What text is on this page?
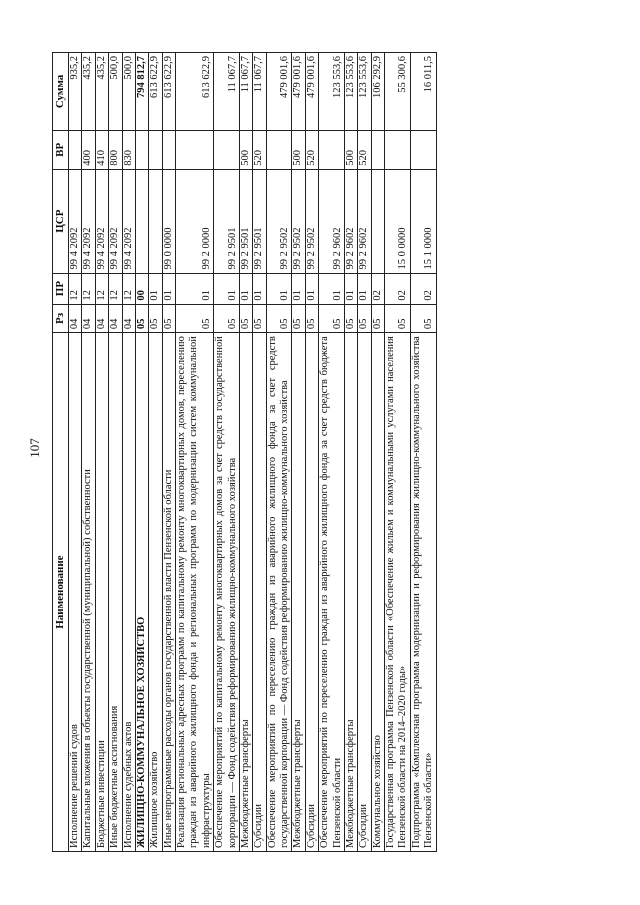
107
Наименование	Рз	ПР	ЦСР	ВР	Сумма
Исполнение решений судов	04	12	99 4 2092		935,2
Капитальные вложения в объекты государственной (муниципальной) собственности	04	12	99 4 2092	400	435,2
Бюджетные инвестиции	04	12	99 4 2092	410	435,2
Иные бюджетные ассигнования	04	12	99 4 2092	800	500,0
Исполнение судебных актов	04	12	99 4 2092	830	500,0
ЖИЛИЩНО-КОММУНАЛЬНОЕ ХОЗЯЙСТВО	05	00			794 812,7
Жилищное хозяйство	05	01			613 622,9
Иные непрограммные расходы органов государственной власти Пензенской области	05	01	99 0 0000		613 622,9
Реализация региональных адресных программ по капитальному ремонту многоквартирных домов, переселению граждан из аварийного жилищного фонда и региональных программ по модернизации систем коммунальной инфраструктуры	05	01	99 2 0000		613 622,9
Обеспечение мероприятий по капитальному ремонту многоквартирных домов за счет средств государственной корпорации — Фонд содействия реформированию жилищно-коммунального хозяйства	05	01	99 2 9501		11 067,7
Межбюджетные трансферты	05	01	99 2 9501	500	11 067,7
Субсидии	05	01	99 2 9501	520	11 067,7
Обеспечение мероприятий по переселению граждан из аварийного жилищного фонда за счет средств государственной корпорации — Фонд содействия реформированию жилищно-коммунального хозяйства	05	01	99 2 9502		479 001,6
Межбюджетные трансферты	05	01	99 2 9502	500	479 001,6
Субсидии	05	01	99 2 9502	520	479 001,6
Обеспечение мероприятий по переселению граждан из аварийного жилищного фонда за счет средств бюджета Пензенской области	05	01	99 2 9602		123 553,6
Межбюджетные трансферты	05	01	99 2 9602	500	123 553,6
Субсидии	05	01	99 2 9602	520	123 553,6
Коммунальное хозяйство	05	02			106 292,9
Государственная программа Пензенской области «Обеспечение жильем и коммунальными услугами населения Пензенской области на 2014–2020 годы»	05	02	15 0 0000		55 300,6
Подпрограмма «Комплексная программа модернизации и реформирования жилищно-коммунального хозяйства Пензенской области»	05	02	15 1 0000		16 011,5
